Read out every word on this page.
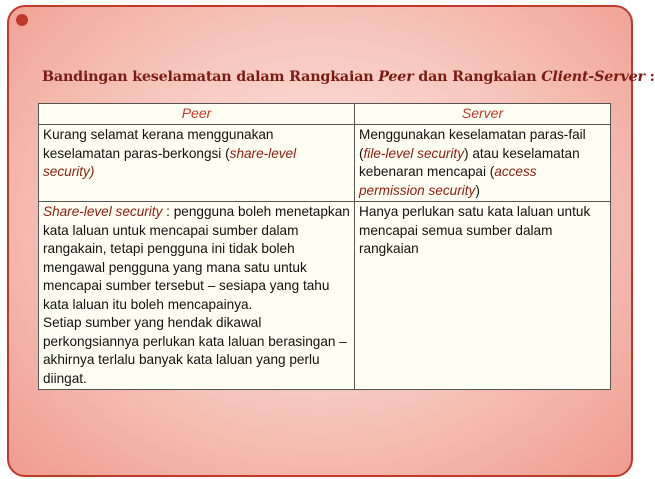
Bandingan keselamatan dalam Rangkaian Peer dan Rangkaian Client-Server :
Peer	Server
Kurang selamat kerana menggunakan keselamatan paras-berkongsi (share-level security)	Menggunakan keselamatan paras-fail (file-level security) atau keselamatan kebenaran mencapai (access permission security)
Share-level security : pengguna boleh menetapkan kata laluan untuk mencapai sumber dalam rangakain, tetapi pengguna ini tidak boleh mengawal pengguna yang mana satu untuk mencapai sumber tersebut – sesiapa yang tahu kata laluan itu boleh mencapainya.
Setiap sumber yang hendak dikawal perkongsiannya perlukan kata laluan berasingan – akhirnya terlalu banyak kata laluan yang perlu diingat.	Hanya perlukan satu kata laluan untuk mencapai semua sumber dalam rangkaian
